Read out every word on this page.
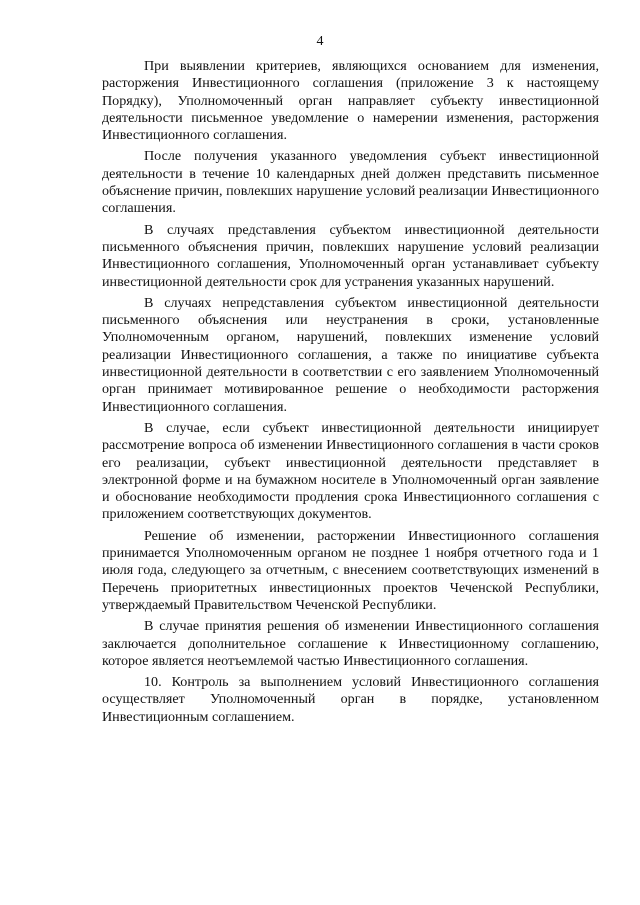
4

При выявлении критериев, являющихся основанием для изменения, расторжения Инвестиционного соглашения (приложение 3 к настоящему Порядку), Уполномоченный орган направляет субъекту инвестиционной деятельности письменное уведомление о намерении изменения, расторжения Инвестиционного соглашения.

После получения указанного уведомления субъект инвестиционной деятельности в течение 10 календарных дней должен представить письменное объяснение причин, повлекших нарушение условий реализации Инвестиционного соглашения.

В случаях представления субъектом инвестиционной деятельности письменного объяснения причин, повлекших нарушение условий реализации Инвестиционного соглашения, Уполномоченный орган устанавливает субъекту инвестиционной деятельности срок для устранения указанных нарушений.

В случаях непредставления субъектом инвестиционной деятельности письменного объяснения или неустранения в сроки, установленные Уполномоченным органом, нарушений, повлекших изменение условий реализации Инвестиционного соглашения, а также по инициативе субъекта инвестиционной деятельности в соответствии с его заявлением Уполномоченный орган принимает мотивированное решение о необходимости расторжения Инвестиционного соглашения.

В случае, если субъект инвестиционной деятельности инициирует рассмотрение вопроса об изменении Инвестиционного соглашения в части сроков его реализации, субъект инвестиционной деятельности представляет в электронной форме и на бумажном носителе в Уполномоченный орган заявление и обоснование необходимости продления срока Инвестиционного соглашения с приложением соответствующих документов.

Решение об изменении, расторжении Инвестиционного соглашения принимается Уполномоченным органом не позднее 1 ноября отчетного года и 1 июля года, следующего за отчетным, с внесением соответствующих изменений в Перечень приоритетных инвестиционных проектов Чеченской Республики, утверждаемый Правительством Чеченской Республики.

В случае принятия решения об изменении Инвестиционного соглашения заключается дополнительное соглашение к Инвестиционному соглашению, которое является неотъемлемой частью Инвестиционного соглашения.

10. Контроль за выполнением условий Инвестиционного соглашения осуществляет Уполномоченный орган в порядке, установленном Инвестиционным соглашением.
